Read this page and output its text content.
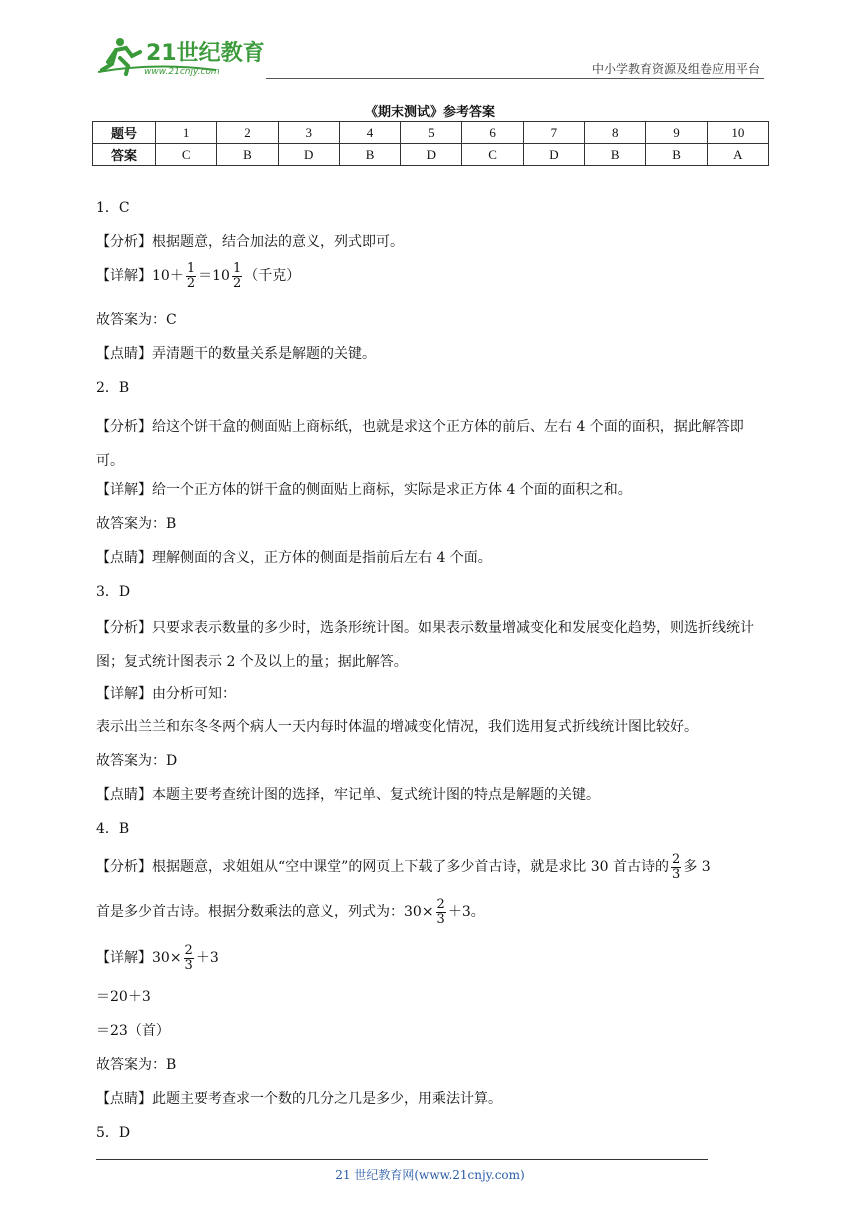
21世纪教育
www.21cnjy.com	中小学教育资源及组卷应用平台
《期末测试》参考答案
题号	1	2	3	4	5	6	7	8	9	10
答案	C	B	D	B	D	C	D	B	B	A
1．C
【分析】根据题意，结合加法的意义，列式即可。
【详解】$10+ \frac{1}{2} =10 \frac{1}{2}$ （千克）
故答案为：C
【点睛】弄清题干的数量关系是解题的关键。
2．B
【分析】给这个饼干盒的侧面贴上商标纸，也就是求这个正方体的前后、左右 4 个面的面积，据此解答即可。
【详解】给一个正方体的饼干盒的侧面贴上商标，实际是求正方体 4 个面的面积之和。
故答案为：B
【点睛】理解侧面的含义，正方体的侧面是指前后左右 4 个面。
3．D
【分析】只要求表示数量的多少时，选条形统计图。如果表示数量增减变化和发展变化趋势，则选折线统计图；复式统计图表示 2 个及以上的量；据此解答。
【详解】由分析可知：
表示出兰兰和东冬冬两个病人一天内每时体温的增减变化情况，我们选用复式折线统计图比较好。
故答案为：D
【点睛】本题主要考查统计图的选择，牢记单、复式统计图的特点是解题的关键。
4．B
【分析】根据题意，求姐姐从“空中课堂”的网页上下载了多少首古诗，就是求比 30 首古诗的 $\frac{2}{3}$ 多 3
首是多少首古诗。根据分数乘法的意义，列式为：$30\times \frac{2}{3} +3$。
【详解】$30\times \frac{2}{3} +3$
＝20＋3
＝23（首）
故答案为：B
【点睛】此题主要考查求一个数的几分之几是多少，用乘法计算。
5．D
21 世纪教育网(www.21cnjy.com)
